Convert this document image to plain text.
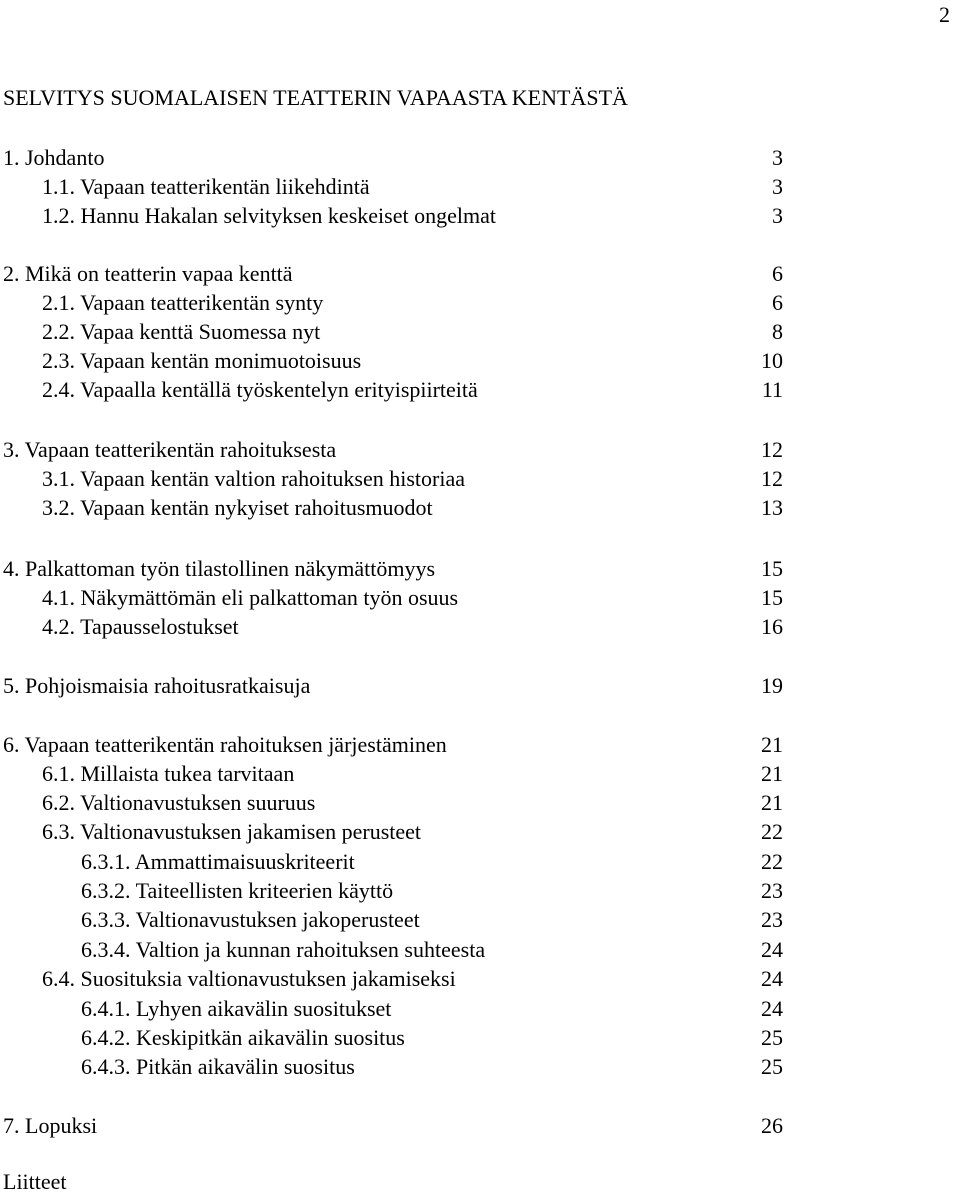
2
SELVITYS SUOMALAISEN TEATTERIN VAPAASTA KENTÄSTÄ
1. Johdanto	3
1.1. Vapaan teatterikentän liikehdintä	3
1.2. Hannu Hakalan selvityksen keskeiset ongelmat	3
2. Mikä on teatterin vapaa kenttä	6
2.1. Vapaan teatterikentän synty	6
2.2. Vapaa kenttä Suomessa nyt	8
2.3. Vapaan kentän monimuotoisuus	10
2.4. Vapaalla kentällä työskentelyn erityispiirteitä	11
3. Vapaan teatterikentän rahoituksesta	12
3.1. Vapaan kentän valtion rahoituksen historiaa	12
3.2. Vapaan kentän nykyiset rahoitusmuodot	13
4. Palkattoman työn tilastollinen näkymättömyys	15
4.1. Näkymättömän eli palkattoman työn osuus	15
4.2. Tapausselostukset	16
5. Pohjoismaisia rahoitusratkaisuja	19
6. Vapaan teatterikentän rahoituksen järjestäminen	21
6.1. Millaista tukea tarvitaan	21
6.2. Valtionavustuksen suuruus	21
6.3. Valtionavustuksen jakamisen perusteet	22
6.3.1. Ammattimaisuuskriteerit	22
6.3.2. Taiteellisten kriteerien käyttö	23
6.3.3. Valtionavustuksen jakoperusteet	23
6.3.4. Valtion ja kunnan rahoituksen suhteesta	24
6.4. Suosituksia valtionavustuksen jakamiseksi	24
6.4.1. Lyhyen aikavälin suositukset	24
6.4.2. Keskipitkän aikavälin suositus	25
6.4.3. Pitkän aikavälin suositus	25
7. Lopuksi	26
Liitteet
